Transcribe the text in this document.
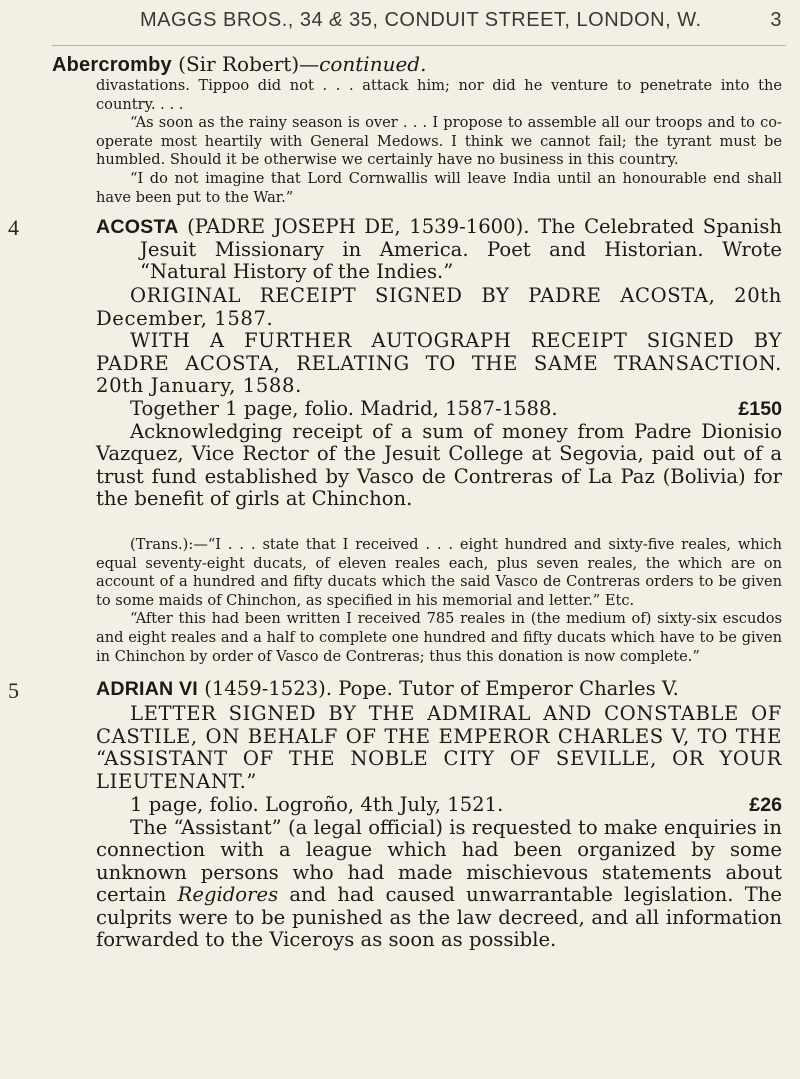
MAGGS BROS., 34 & 35, CONDUIT STREET, LONDON, W.	3
Abercromby (Sir Robert)—continued.

divastations. Tippoo did not . . . attack him; nor did he venture to penetrate into the country. . . .

“As soon as the rainy season is over . . . I propose to assemble all our troops and to co-operate most heartily with General Medows. I think we cannot fail; the tyrant must be humbled. Should it be otherwise we certainly have no business in this country.

“I do not imagine that Lord Cornwallis will leave India until an honourable end shall have been put to the War.”

4	ACOSTA (PADRE JOSEPH DE, 1539-1600). The Celebrated Spanish Jesuit Missionary in America. Poet and Historian. Wrote “Natural History of the Indies.”

ORIGINAL RECEIPT SIGNED BY PADRE ACOSTA, 20th December, 1587.

WITH A FURTHER AUTOGRAPH RECEIPT SIGNED BY PADRE ACOSTA, RELATING TO THE SAME TRANSACTION. 20th January, 1588.

Together 1 page, folio. Madrid, 1587-1588.	£150

Acknowledging receipt of a sum of money from Padre Dionisio Vazquez, Vice Rector of the Jesuit College at Segovia, paid out of a trust fund established by Vasco de Contreras of La Paz (Bolivia) for the benefit of girls at Chinchon.

(Trans.):—“I . . . state that I received . . . eight hundred and sixty-five reales, which equal seventy-eight ducats, of eleven reales each, plus seven reales, the which are on account of a hundred and fifty ducats which the said Vasco de Contreras orders to be given to some maids of Chinchon, as specified in his memorial and letter.” Etc.

“After this had been written I received 785 reales in (the medium of) sixty-six escudos and eight reales and a half to complete one hundred and fifty ducats which have to be given in Chinchon by order of Vasco de Contreras; thus this donation is now complete.”

5	ADRIAN VI (1459-1523). Pope. Tutor of Emperor Charles V.

LETTER SIGNED BY THE ADMIRAL AND CONSTABLE OF CASTILE, ON BEHALF OF THE EMPEROR CHARLES V, TO THE “ASSISTANT OF THE NOBLE CITY OF SEVILLE, OR YOUR LIEUTENANT.”

1 page, folio. Logroño, 4th July, 1521.	£26

The “Assistant” (a legal official) is requested to make enquiries in connection with a league which had been organized by some unknown persons who had made mischievous statements about certain Regidores and had caused unwarrantable legislation. The culprits were to be punished as the law decreed, and all information forwarded to the Viceroys as soon as possible.
